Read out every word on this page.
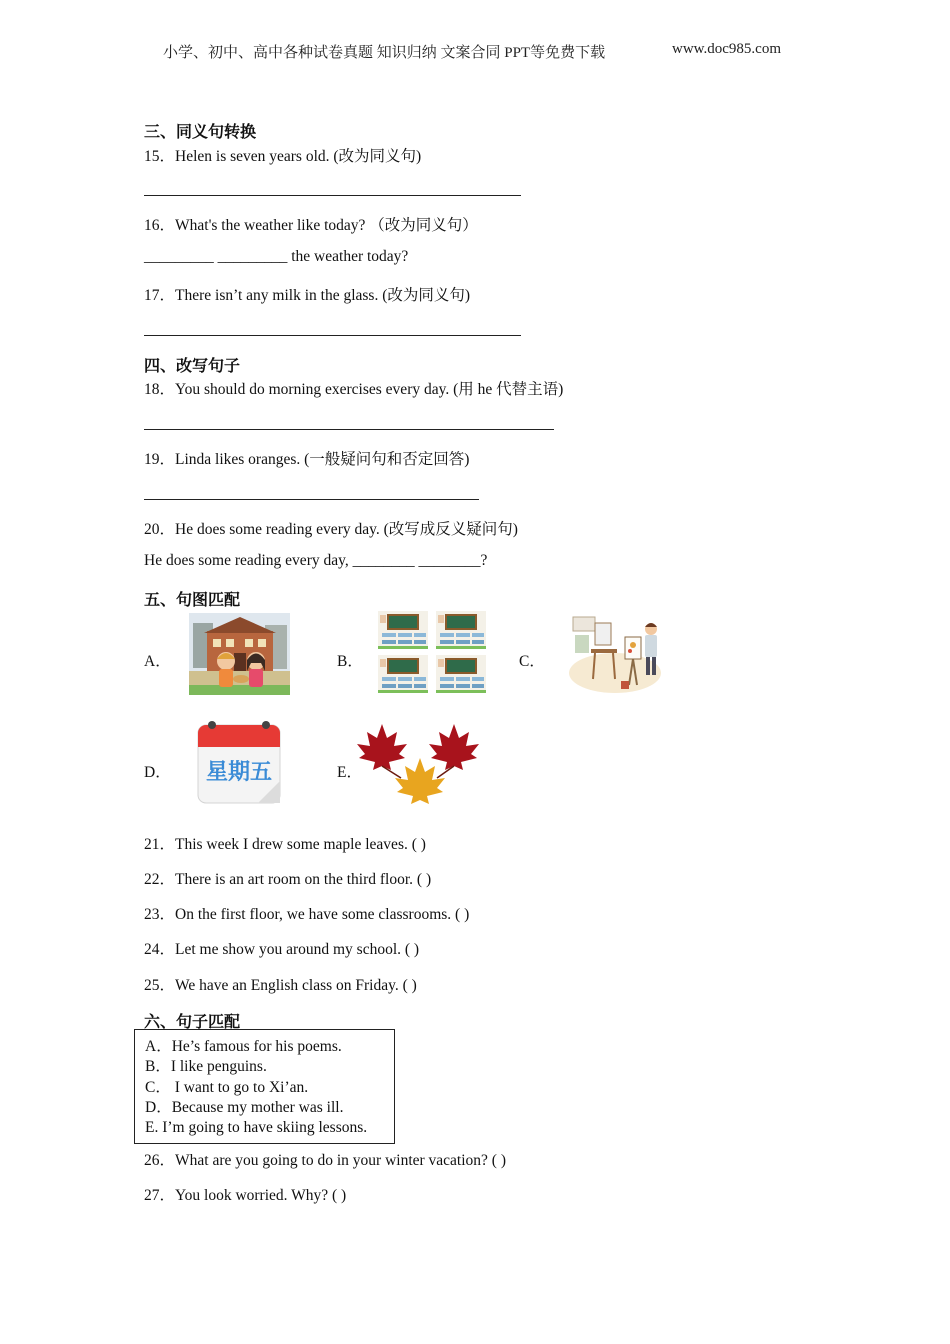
小学、初中、高中各种试卷真题 知识归纳 文案合同 PPT等免费下载	www.doc985.com
三、同义句转换
15．Helen is seven years old. (改为同义句)
16．What's the weather like today? （改为同义句）
_________ _________ the weather today?
17．There isn’t any milk in the glass. (改为同义句)
四、改写句子
18．You should do morning exercises every day. (用 he 代替主语)
19．Linda likes oranges. (一般疑问句和否定回答)
20．He does some reading every day. (改写成反义疑问句)
He does some reading every day, ________ ________?
五、句图匹配
A．	B．	C．
D． 星期五	E．
21．This week I drew some maple leaves. ( )
22．There is an art room on the third floor. ( )
23．On the first floor, we have some classrooms. ( )
24．Let me show you around my school. ( )
25．We have an English class on Friday. ( )
六、句子匹配
A．He’s famous for his poems.
B．I like penguins.
C． I want to go to Xi’an.
D．Because my mother was ill.
E. I’m going to have skiing lessons.
26．What are you going to do in your winter vacation? ( )
27．You look worried. Why? ( )
